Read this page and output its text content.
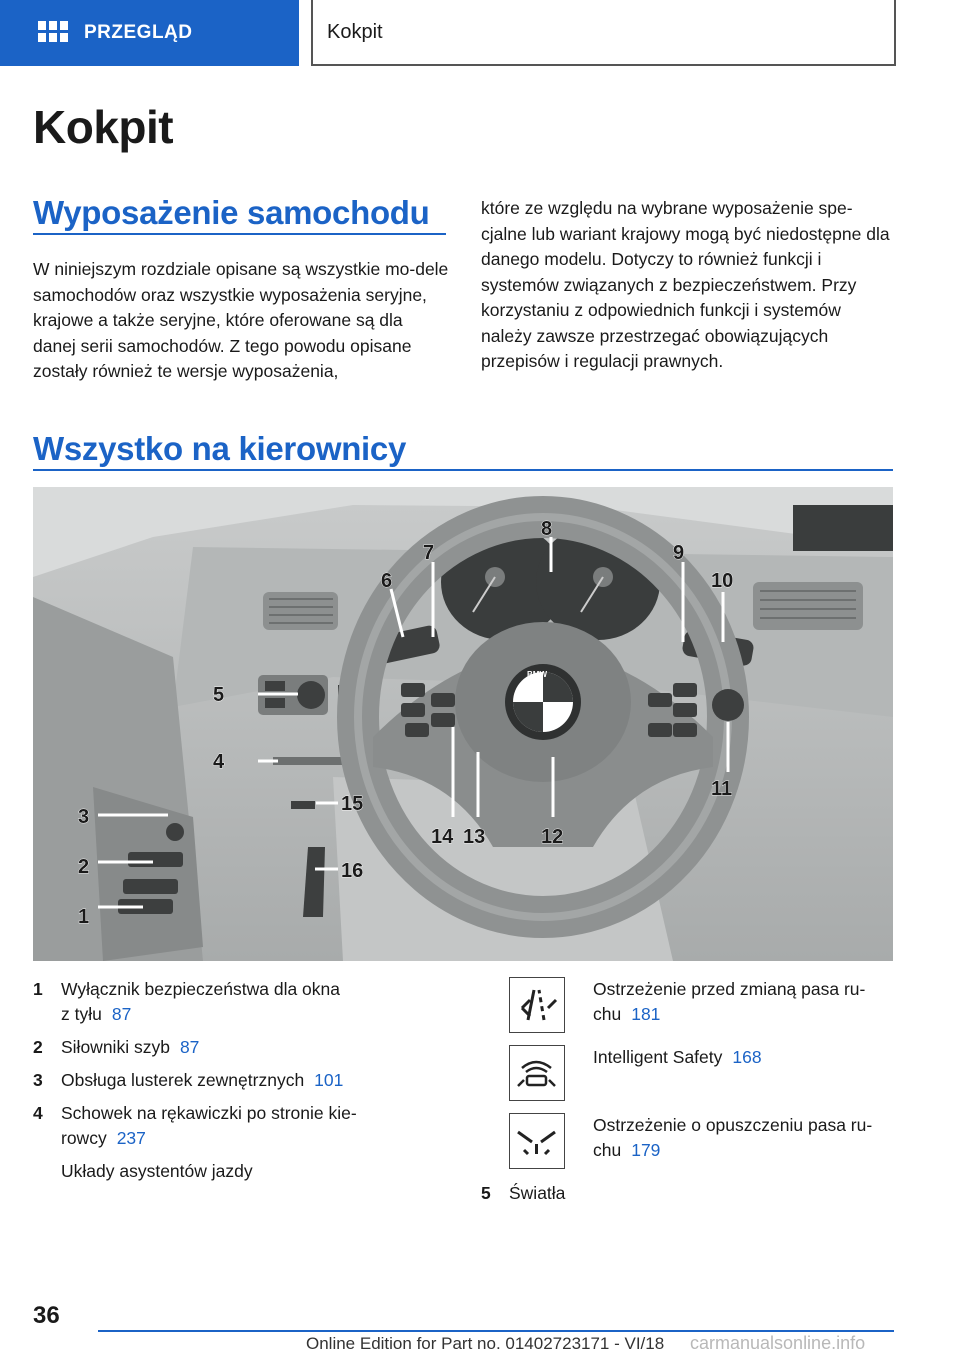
PRZEGLĄD	Kokpit
Kokpit
Wyposażenie samochodu
W niniejszym rozdziale opisane są wszystkie mo-dele samochodów oraz wszystkie wyposażenia seryjne, krajowe a także seryjne, które oferowane są dla danej serii samochodów. Z tego powodu opisane zostały również te wersje wyposażenia,
które ze względu na wybrane wyposażenie spe-cjalne lub wariant krajowy mogą być niedostępne dla danego modelu. Dotyczy to również funkcji i systemów związanych z bezpieczeństwem. Przy korzystaniu z odpowiednich funkcji i systemów należy zawsze przestrzegać obowiązujących przepisów i regulacji prawnych.
Wszystko na kierownicy
BMW
1
2
3
4
5
6
7
8
9
10
11
12
13
14
15
16
1 Wyłącznik bezpieczeństwa dla okna
z tyłu 87
2 Siłowniki szyb 87
3 Obsługa lusterek zewnętrznych 101
4 Schowek na rękawiczki po stronie kie-
rowcy 237
Układy asystentów jazdy
Ostrzeżenie przed zmianą pasa ru-
chu 181
Intelligent Safety 168
Ostrzeżenie o opuszczeniu pasa ru-
chu 179
5 Światła
36
Online Edition for Part no. 01402723171 - VI/18 carmanualsonline.info
